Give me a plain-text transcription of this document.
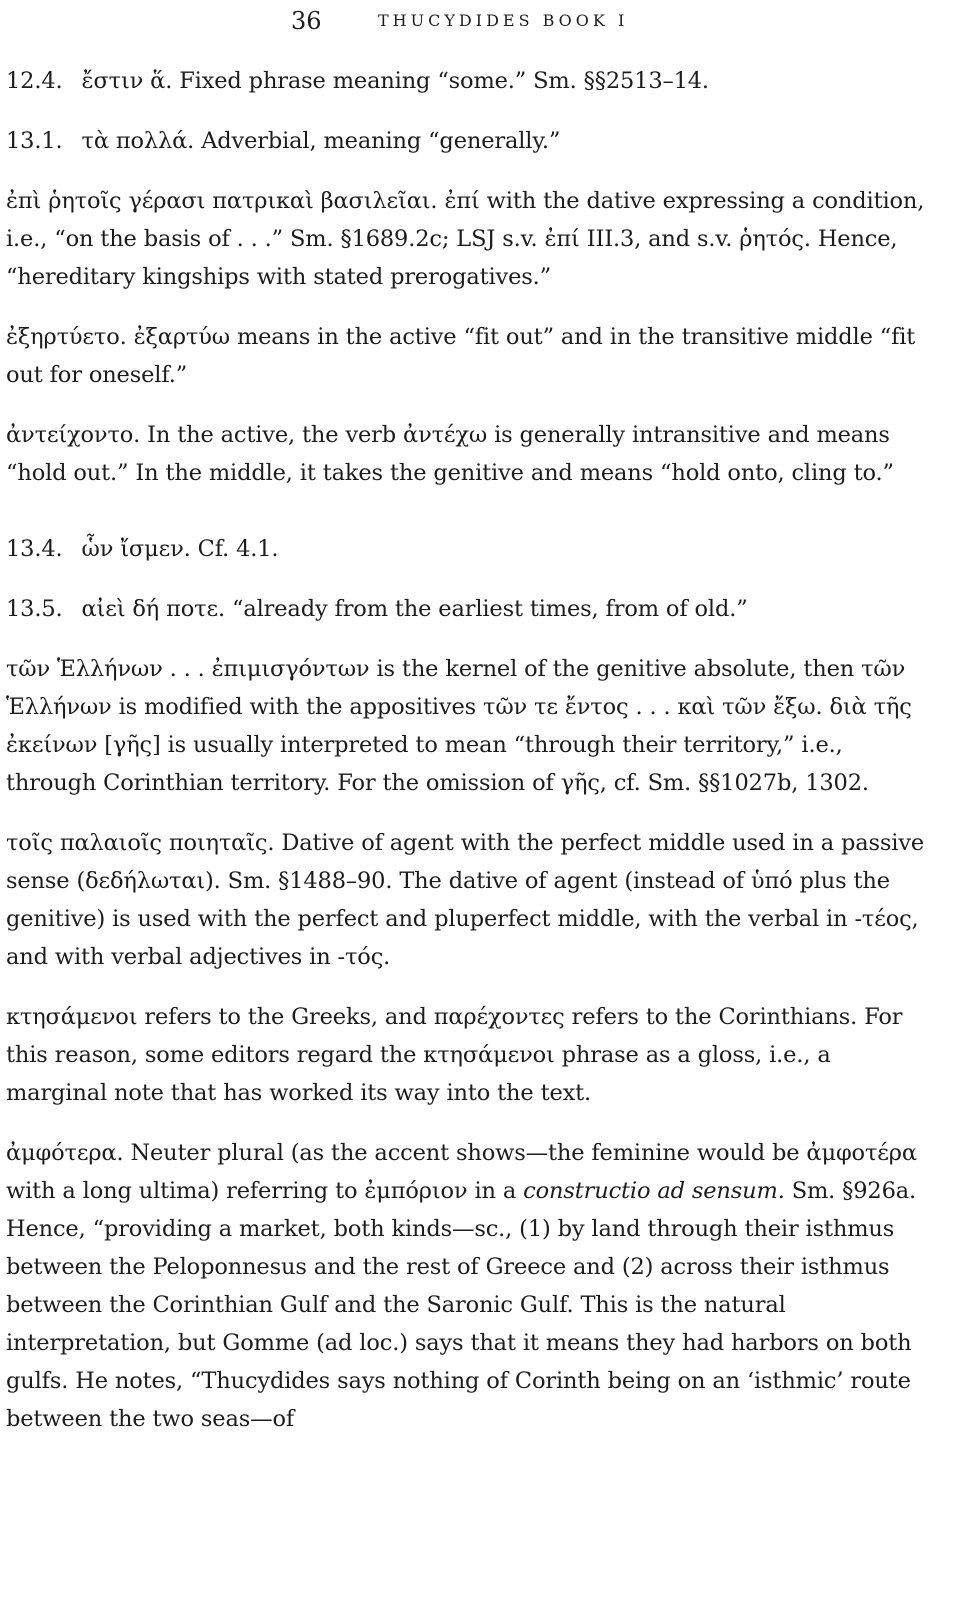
36	THUCYDIDES BOOK I

12.4. ἔστιν ἅ. Fixed phrase meaning “some.” Sm. §§2513–14.

13.1. τὰ πολλά. Adverbial, meaning “generally.”

ἐπὶ ῥητοῖς γέρασι πατρικαὶ βασιλεῖαι. ἐπί with the dative expressing a condition, i.e., “on the basis of . . .” Sm. §1689.2c; LSJ s.v. ἐπί III.3, and s.v. ῥητός. Hence, “hereditary kingships with stated prerogatives.”

ἐξηρτύετο. ἐξαρτύω means in the active “fit out” and in the transitive middle “fit out for oneself.”

ἀντείχοντο. In the active, the verb ἀντέχω is generally intransitive and means “hold out.” In the middle, it takes the genitive and means “hold onto, cling to.”

13.4. ὧν ἴσμεν. Cf. 4.1.

13.5. αἰεὶ δή ποτε. “already from the earliest times, from of old.”

τῶν Ἑλλήνων . . . ἐπιμισγόντων is the kernel of the genitive absolute, then τῶν Ἑλλήνων is modified with the appositives τῶν τε ἔντος . . . καὶ τῶν ἔξω. διὰ τῆς ἐκείνων [γῆς] is usually interpreted to mean “through their territory,” i.e., through Corinthian territory. For the omission of γῆς, cf. Sm. §§1027b, 1302.

τοῖς παλαιοῖς ποιηταῖς. Dative of agent with the perfect middle used in a passive sense (δεδήλωται). Sm. §1488–90. The dative of agent (instead of ὑπό plus the genitive) is used with the perfect and pluperfect middle, with the verbal in -τέος, and with verbal adjectives in -τός.

κτησάμενοι refers to the Greeks, and παρέχοντες refers to the Corinthians. For this reason, some editors regard the κτησάμενοι phrase as a gloss, i.e., a marginal note that has worked its way into the text.

ἀμφότερα. Neuter plural (as the accent shows—the feminine would be ἀμφοτέρα with a long ultima) referring to ἐμπόριον in a constructio ad sensum. Sm. §926a. Hence, “providing a market, both kinds—sc., (1) by land through their isthmus between the Peloponnesus and the rest of Greece and (2) across their isthmus between the Corinthian Gulf and the Saronic Gulf. This is the natural interpretation, but Gomme (ad loc.) says that it means they had harbors on both gulfs. He notes, “Thucydides says nothing of Corinth being on an ‘isthmic’ route between the two seas—of
